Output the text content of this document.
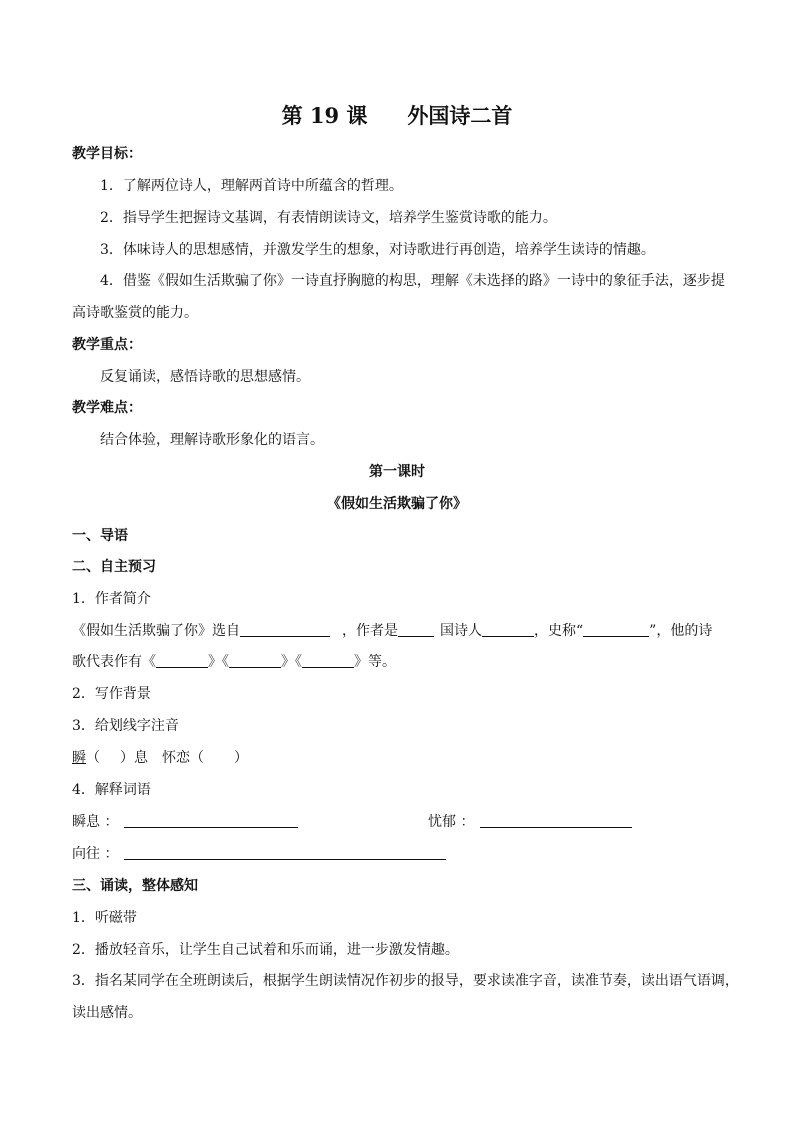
第 19 课 外国诗二首
教学目标：
1．了解两位诗人，理解两首诗中所蕴含的哲理。
2．指导学生把握诗文基调，有表情朗读诗文，培养学生鉴赏诗歌的能力。
3．体味诗人的思想感情，并激发学生的想象，对诗歌进行再创造，培养学生读诗的情趣。
4．借鉴《假如生活欺骗了你》一诗直抒胸臆的构思，理解《未选择的路》一诗中的象征手法，逐步提
高诗歌鉴赏的能力。
教学重点：
反复诵读，感悟诗歌的思想感情。
教学难点：
结合体验，理解诗歌形象化的语言。
第一课时
《假如生活欺骗了你》
一、导语
二、自主预习
1．作者简介
《假如生活欺骗了你》选自	，作者是	国诗人	，史称“	”，他的诗
歌代表作有《	》《	》《	》等。
2．写作背景
3．给划线字注音
瞬（ ）息 怀恋（ ）
4．解释词语
瞬息 ：	忧郁 ：
向往 ：
三、诵读，整体感知
1．听磁带
2．播放轻音乐，让学生自己试着和乐而诵，进一步激发情趣。
3．指名某同学在全班朗读后，根据学生朗读情况作初步的报导，要求读准字音，读准节奏，读出语气语调，
读出感情。
